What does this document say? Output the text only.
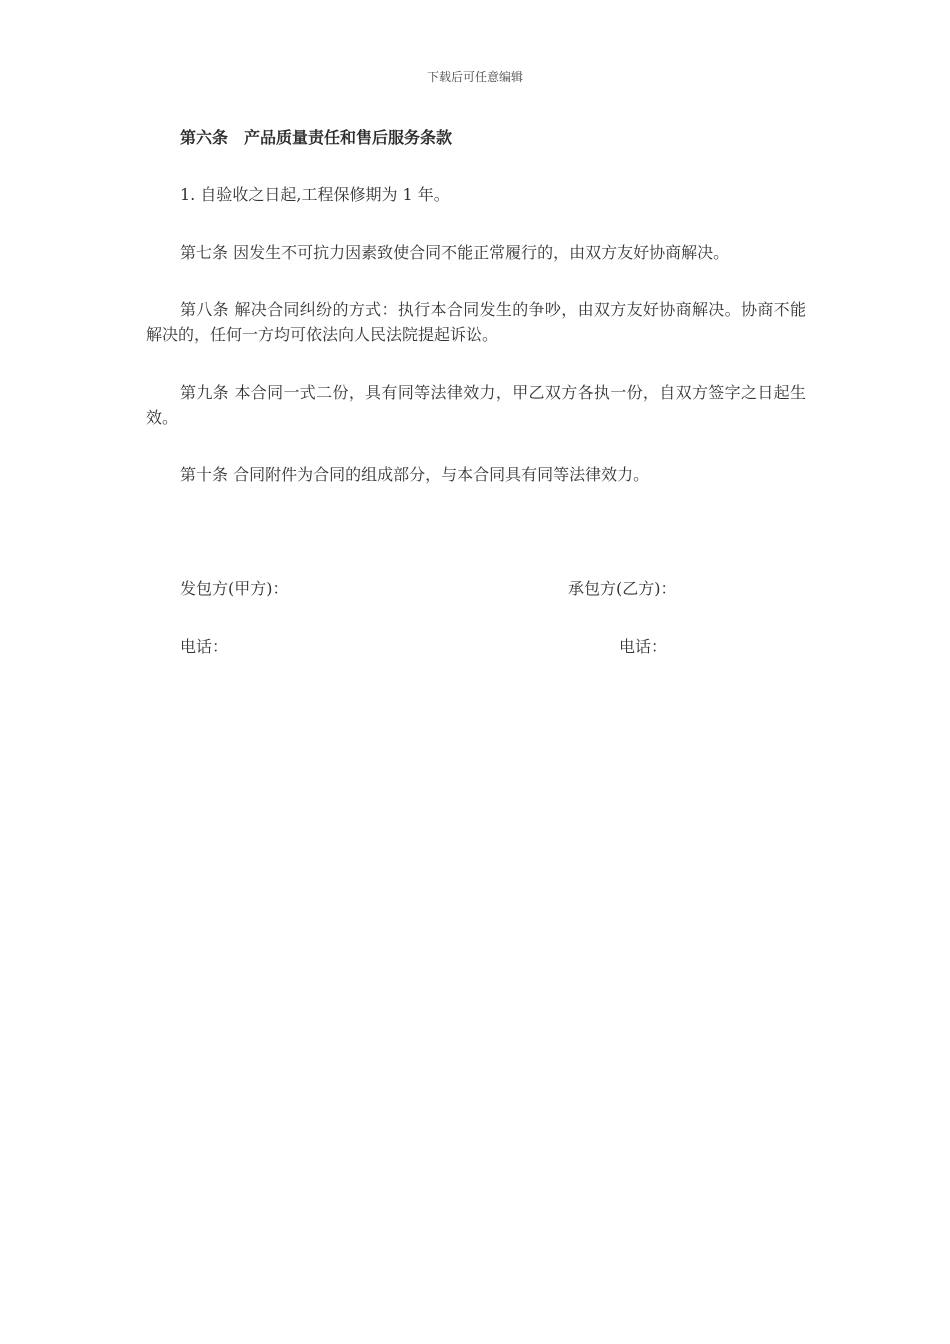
下载后可任意编辑
第六条　产品质量责任和售后服务条款
1. 自验收之日起,工程保修期为 1 年。
第七条 因发生不可抗力因素致使合同不能正常履行的，由双方友好协商解决。
第八条 解决合同纠纷的方式：执行本合同发生的争吵，由双方友好协商解决。协商不能解决的，任何一方均可依法向人民法院提起诉讼。
第九条 本合同一式二份，具有同等法律效力，甲乙双方各执一份，自双方签字之日起生效。
第十条 合同附件为合同的组成部分，与本合同具有同等法律效力。
发包方(甲方)：	承包方(乙方)：
电话：	电话：
